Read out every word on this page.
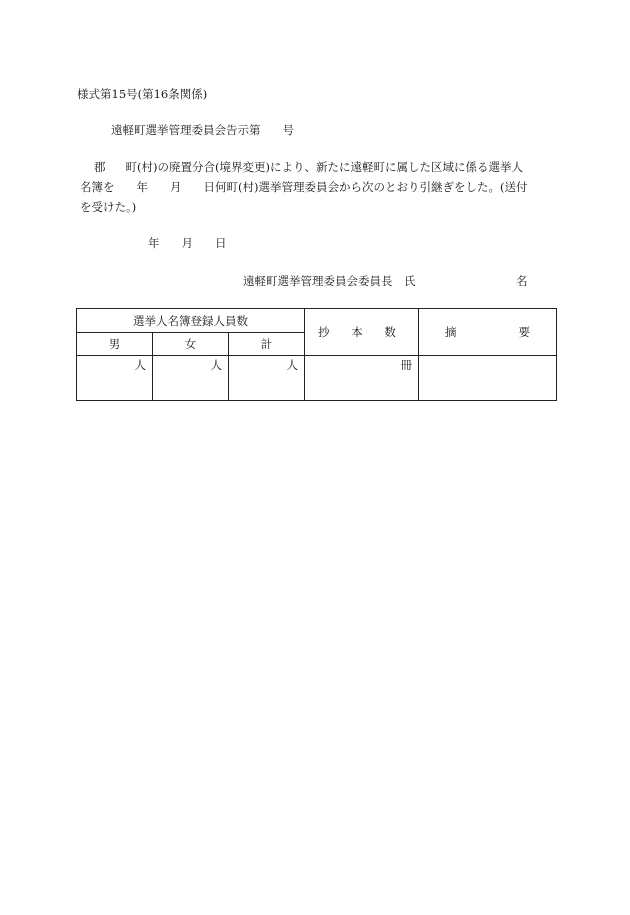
様式第15号(第16条関係)
遠軽町選挙管理委員会告示第 号
郡 町(村)の廃置分合(境界変更)により、新たに遠軽町に属した区域に係る選挙人
名簿を 年 月 日何町(村)選挙管理委員会から次のとおり引継ぎをした。(送付
を受けた。)
年 月 日
遠軽町選挙管理委員会委員長　氏	名
選挙人名簿登録人員数			抄 本 数	摘 要
男	女	計		
人	人	人	冊	
